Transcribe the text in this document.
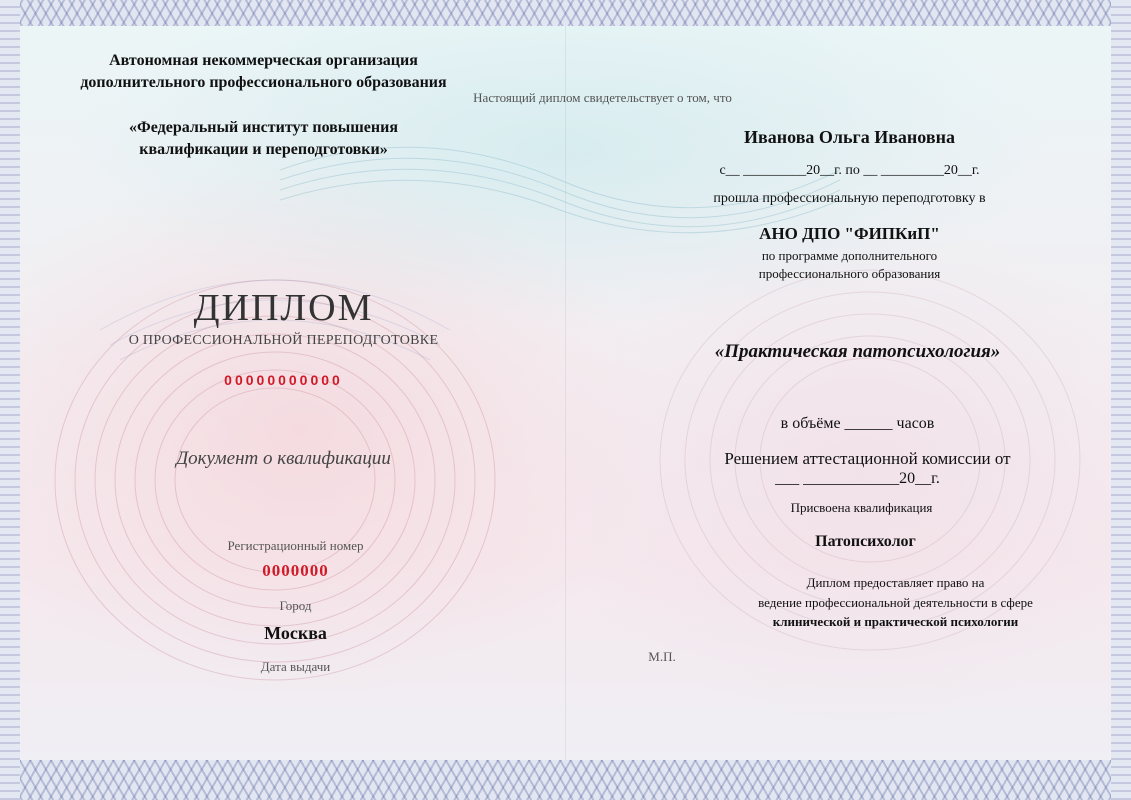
Автономная некоммерческая организация
дополнительного профессионального образования
«Федеральный институт повышения
квалификации и переподготовки»
ДИПЛОМ
О ПРОФЕССИОНАЛЬНОЙ ПЕРЕПОДГОТОВКЕ
00000000000
Документ о квалификации
Регистрационный номер
0000000
Город
Москва
Дата выдачи
Настоящий диплом свидетельствует о том, что
Иванова Ольга Ивановна
с__ _________20__г. по __ _________20__г.
прошла профессиональную переподготовку в
АНО ДПО "ФИПКиП"
по программе дополнительного
профессионального образования
«Практическая патопсихология»
в объёме ______ часов
Решением аттестационной комиссии от
___ ____________20__г.
Присвоена квалификация
Патопсихолог
Диплом предоставляет право на
ведение профессиональной деятельности в сфере
клинической и практической психологии
М.П.
